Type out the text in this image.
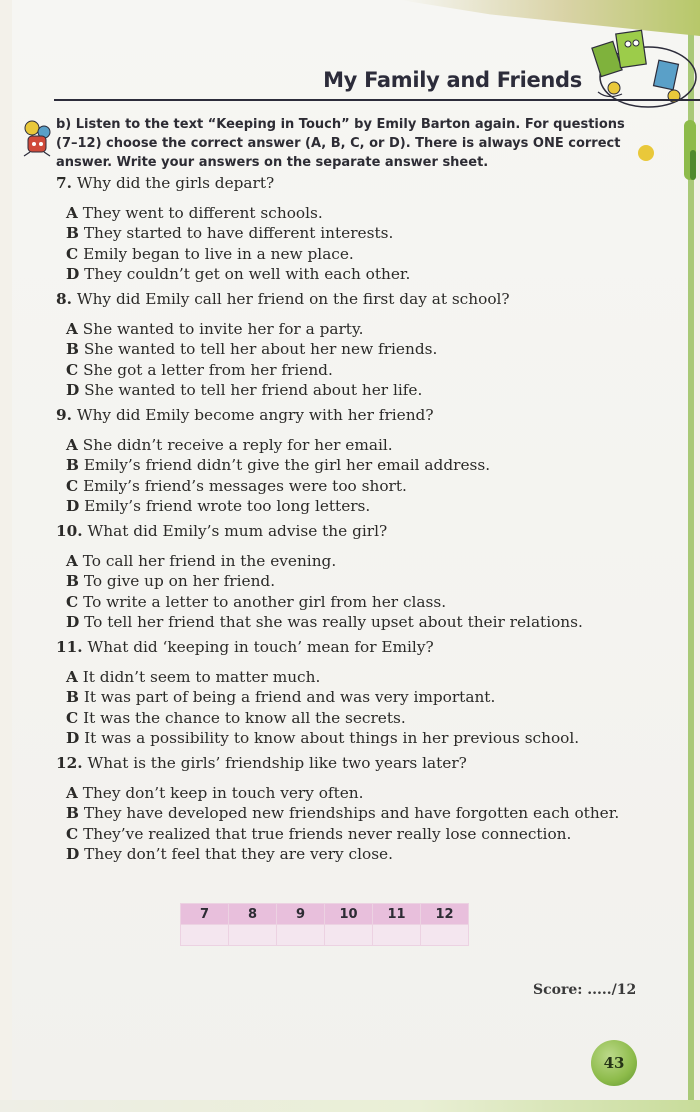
My Family and Friends
b) Listen to the text “Keeping in Touch” by Emily Barton again. For questions (7–12) choose the correct answer (A, B, C, or D). There is always ONE correct answer. Write your answers on the separate answer sheet.
7. Why did the girls depart?
A They went to different schools.
B They started to have different interests.
C Emily began to live in a new place.
D They couldn’t get on well with each other.
8. Why did Emily call her friend on the first day at school?
A She wanted to invite her for a party.
B She wanted to tell her about her new friends.
C She got a letter from her friend.
D She wanted to tell her friend about her life.
9. Why did Emily become angry with her friend?
A She didn’t receive a reply for her email.
B Emily’s friend didn’t give the girl her email address.
C Emily’s friend’s messages were too short.
D Emily’s friend wrote too long letters.
10. What did Emily’s mum advise the girl?
A To call her friend in the evening.
B To give up on her friend.
C To write a letter to another girl from her class.
D To tell her friend that she was really upset about their relations.
11. What did ‘keeping in touch’ mean for Emily?
A It didn’t seem to matter much.
B It was part of being a friend and was very important.
C It was the chance to know all the secrets.
D It was a possibility to know about things in her previous school.
12. What is the girls’ friendship like two years later?
A They don’t keep in touch very often.
B They have developed new friendships and have forgotten each other.
C They’ve realized that true friends never really lose connection.
D They don’t feel that they are very close.
7	8	9	10	11	12

Score: ...../12
43
